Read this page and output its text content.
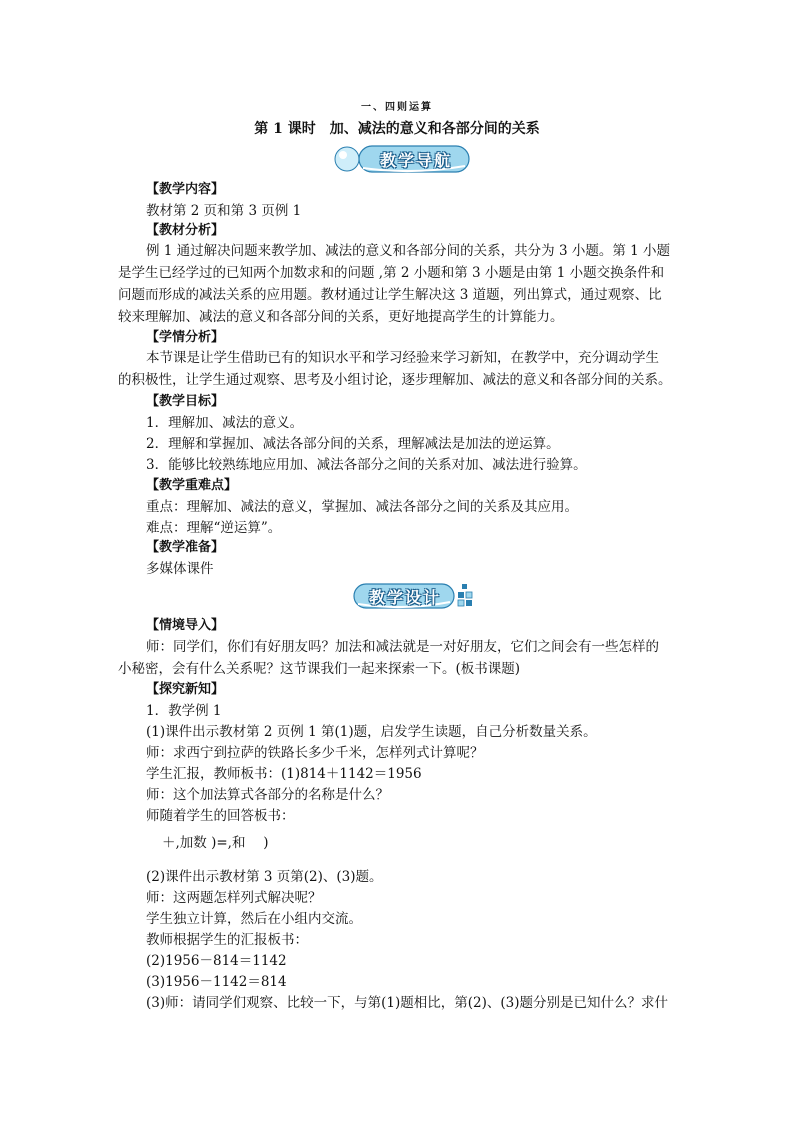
一、四则运算
第 1 课时　加、减法的意义和各部分间的关系
教学导航
教学设计
【教学内容】
教材第 2 页和第 3 页例 1
【教材分析】
例 1 通过解决问题来教学加、减法的意义和各部分间的关系，共分为 3 小题。第 1 小题
是学生已经学过的已知两个加数求和的问题 ,第 2 小题和第 3 小题是由第 1 小题交换条件和
问题而形成的减法关系的应用题。教材通过让学生解决这 3 道题，列出算式，通过观察、比
较来理解加、减法的意义和各部分间的关系，更好地提高学生的计算能力。
【学情分析】
本节课是让学生借助已有的知识水平和学习经验来学习新知，在教学中，充分调动学生
的积极性，让学生通过观察、思考及小组讨论，逐步理解加、减法的意义和各部分间的关系。
【教学目标】
1．理解加、减法的意义。
2．理解和掌握加、减法各部分间的关系，理解减法是加法的逆运算。
3．能够比较熟练地应用加、减法各部分之间的关系对加、减法进行验算。
【教学重难点】
重点：理解加、减法的意义，掌握加、减法各部分之间的关系及其应用。
难点：理解“逆运算”。
【教学准备】
多媒体课件
【情境导入】
师：同学们，你们有好朋友吗？加法和减法就是一对好朋友，它们之间会有一些怎样的
小秘密，会有什么关系呢？这节课我们一起来探索一下。(板书课题)
【探究新知】
1．教学例 1
(1)课件出示教材第 2 页例 1 第(1)题，启发学生读题，自己分析数量关系。
师：求西宁到拉萨的铁路长多少千米，怎样列式计算呢？
学生汇报，教师板书：(1)814＋1142＝1956
师：这个加法算式各部分的名称是什么？
师随着学生的回答板书：
＋,加数 )=,和　 )
(2)课件出示教材第 3 页第(2)、(3)题。
师：这两题怎样列式解决呢？
学生独立计算，然后在小组内交流。
教师根据学生的汇报板书：
(2)1956－814＝1142
(3)1956－1142＝814
(3)师：请同学们观察、比较一下，与第(1)题相比，第(2)、(3)题分别是已知什么？求什
